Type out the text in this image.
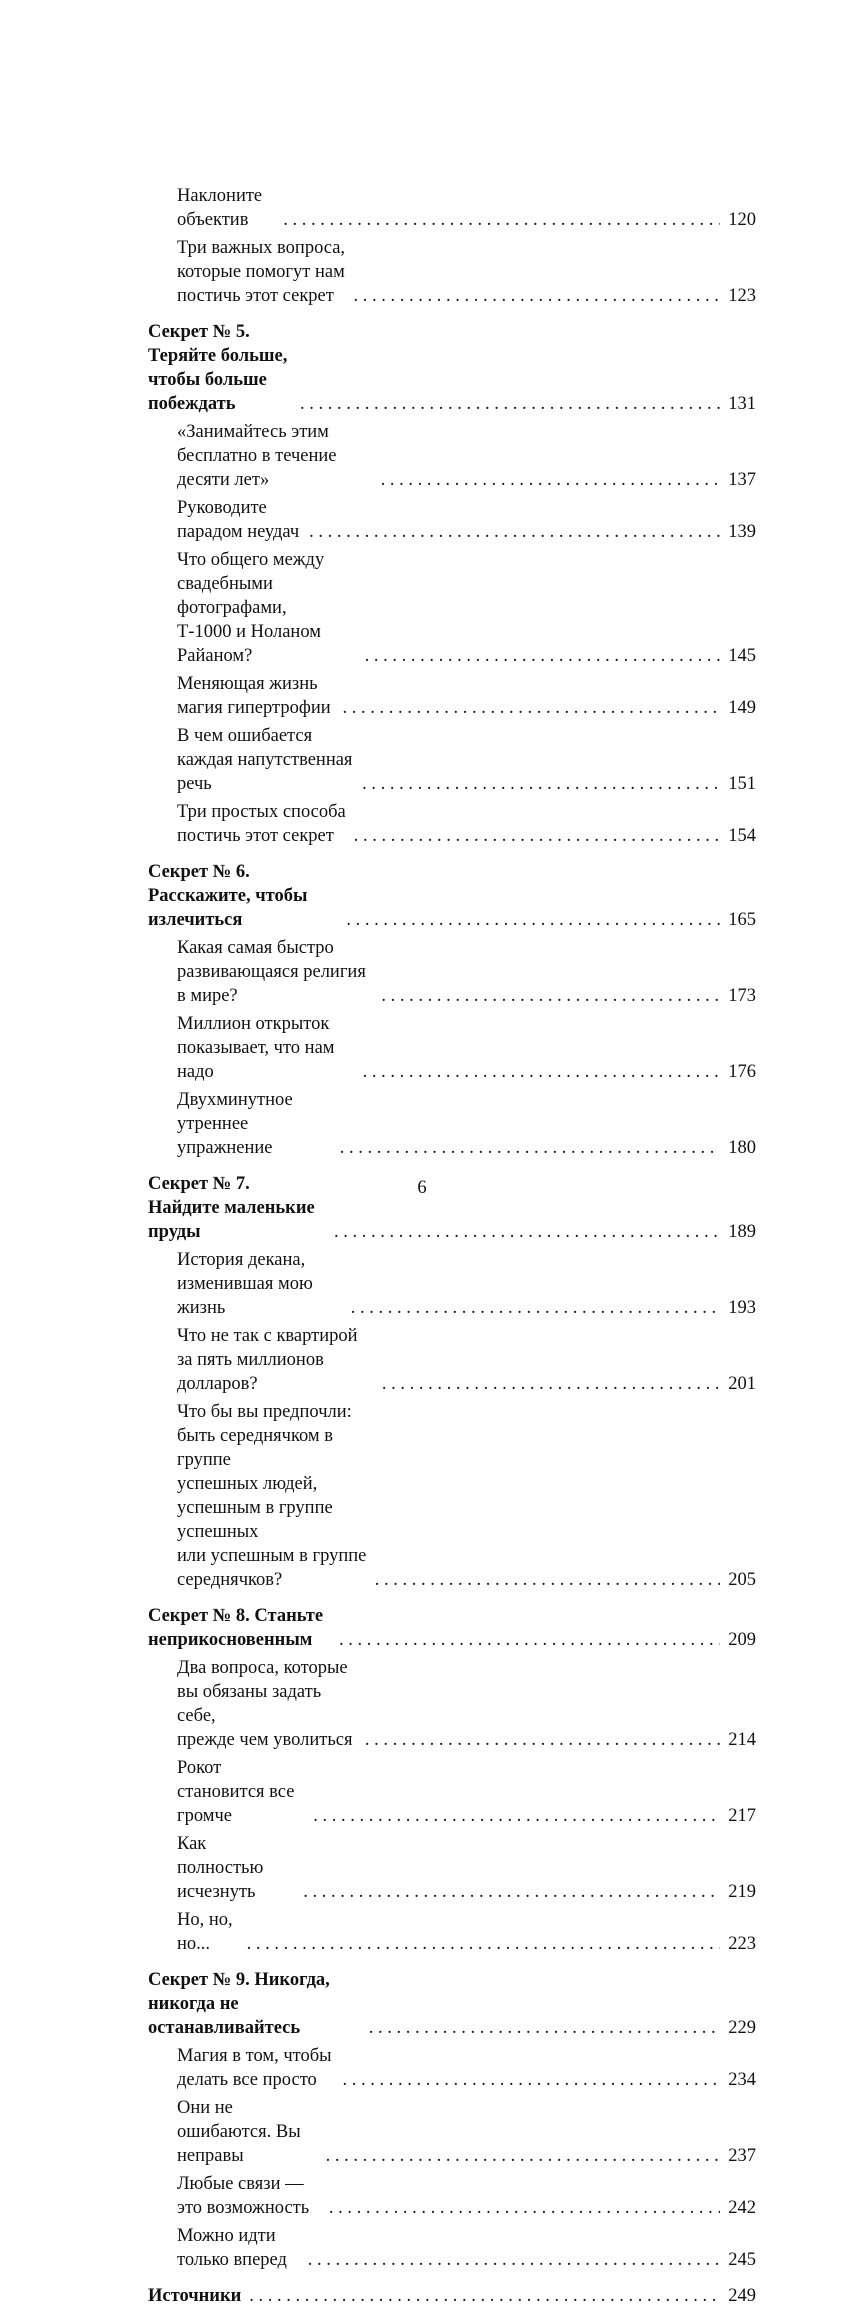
Наклоните объектив . . .	120
Три важных вопроса,
которые помогут нам постичь этот секрет . . .	123
Секрет № 5. Теряйте больше,
чтобы больше побеждать . . .	131
«Занимайтесь этим бесплатно в течение десяти лет» . . .	137
Руководите парадом неудач . . .	139
Что общего между свадебными фотографами,
Т-1000 и Ноланом Райаном? . . .	145
Меняющая жизнь магия гипертрофии . . .	149
В чем ошибается каждая напутственная речь . . .	151
Три простых способа постичь этот секрет . . .	154
Секрет № 6. Расскажите, чтобы излечиться . . .	165
Какая самая быстро развивающаяся религия в мире? . . .	173
Миллион открыток показывает, что нам надо . . .	176
Двухминутное утреннее упражнение . . .	180
Секрет № 7. Найдите маленькие пруды . . .	189
История декана, изменившая мою жизнь . . .	193
Что не так с квартирой за пять миллионов долларов? . . .	201
Что бы вы предпочли: быть середнячком в группе
успешных людей, успешным в группе успешных
или успешным в группе середнячков? . . .	205
Секрет № 8. Станьте неприкосновенным . . .	209
Два вопроса, которые вы обязаны задать себе,
прежде чем уволиться . . .	214
Рокот становится все громче . . .	217
Как полностью исчезнуть . . .	219
Но, но, но... . . .	223
Секрет № 9. Никогда, никогда не останавливайтесь . . .	229
Магия в том, чтобы делать все просто . . .	234
Они не ошибаются. Вы неправы . . .	237
Любые связи — это возможность . . .	242
Можно идти только вперед . . .	245
Источники . . .	249
6
